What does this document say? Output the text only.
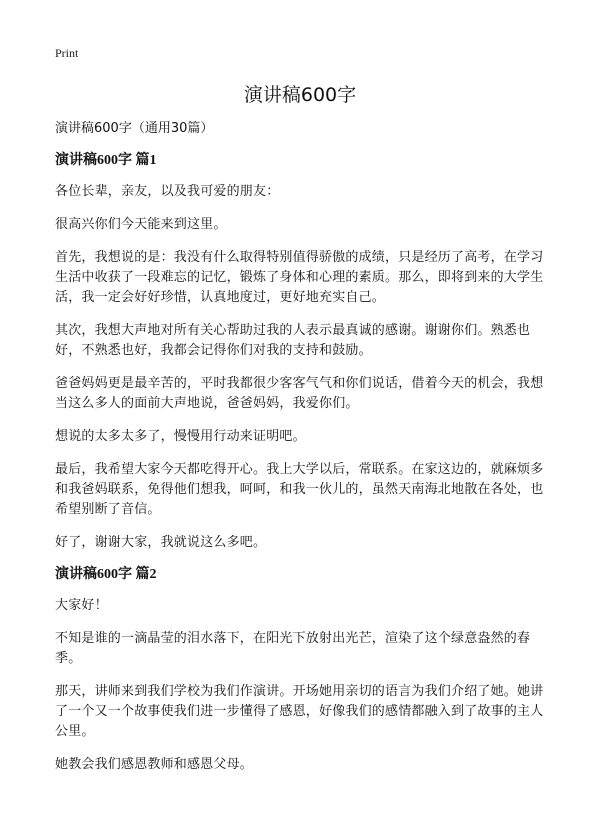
Print
演讲稿600字

演讲稿600字（通用30篇）

演讲稿600字 篇1

各位长辈，亲友，以及我可爱的朋友：

很高兴你们今天能来到这里。

首先，我想说的是：我没有什么取得特别值得骄傲的成绩，只是经历了高考，在学习生活中收获了一段难忘的记忆，锻炼了身体和心理的素质。那么，即将到来的大学生活，我一定会好好珍惜，认真地度过，更好地充实自己。

其次，我想大声地对所有关心帮助过我的人表示最真诚的感谢。谢谢你们。熟悉也好，不熟悉也好，我都会记得你们对我的支持和鼓励。

爸爸妈妈更是最辛苦的，平时我都很少客客气气和你们说话，借着今天的机会，我想当这么多人的面前大声地说，爸爸妈妈，我爱你们。

想说的太多太多了，慢慢用行动来证明吧。

最后，我希望大家今天都吃得开心。我上大学以后，常联系。在家这边的，就麻烦多和我爸妈联系，免得他们想我，呵呵，和我一伙儿的，虽然天南海北地散在各处，也希望别断了音信。

好了，谢谢大家，我就说这么多吧。

演讲稿600字 篇2

大家好！

不知是谁的一滴晶莹的泪水落下，在阳光下放射出光芒，渲染了这个绿意盎然的春季。

那天，讲师来到我们学校为我们作演讲。开场她用亲切的语言为我们介绍了她。她讲了一个又一个故事使我们进一步懂得了感恩，好像我们的感情都融入到了故事的主人公里。

她教会我们感恩教师和感恩父母。
